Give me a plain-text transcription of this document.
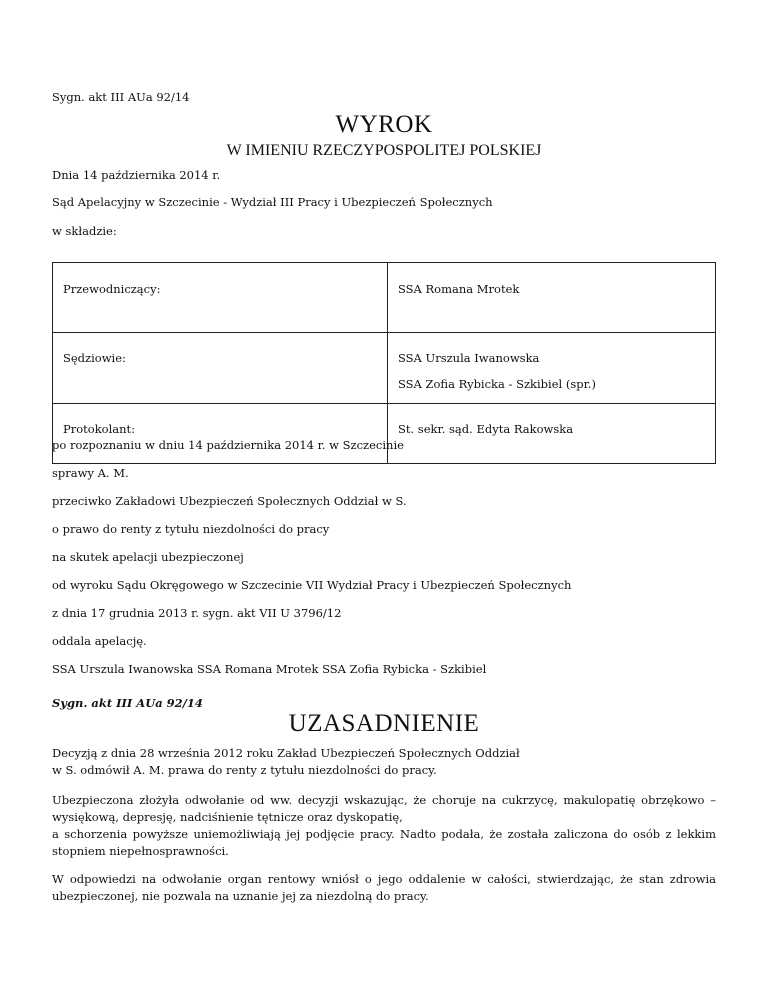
Sygn. akt III AUa 92/14

WYROK
W IMIENIU RZECZYPOSPOLITEJ POLSKIEJ

Dnia 14 października 2014 r.

Sąd Apelacyjny w Szczecinie - Wydział III Pracy i Ubezpieczeń Społecznych

w składzie:

Przewodniczący:	SSA Romana Mrotek
Sędziowie:	SSA Urszula Iwanowska
SSA Zofia Rybicka - Szkibiel (spr.)

Protokolant:	St. sekr. sąd. Edyta Rakowska

po rozpoznaniu w dniu 14 października 2014 r. w Szczecinie

sprawy A. M.

przeciwko Zakładowi Ubezpieczeń Społecznych Oddział w S.

o prawo do renty z tytułu niezdolności do pracy

na skutek apelacji ubezpieczonej

od wyroku Sądu Okręgowego w Szczecinie VII Wydział Pracy i Ubezpieczeń Społecznych

z dnia 17 grudnia 2013 r. sygn. akt VII U 3796/12

oddala apelację.

SSA Urszula Iwanowska SSA Romana Mrotek SSA Zofia Rybicka - Szkibiel

Sygn. akt III AUa 92/14

UZASADNIENIE
Decyzją z dnia 28 września 2012 roku Zakład Ubezpieczeń Społecznych Oddział
w S. odmówił A. M. prawa do renty z tytułu niezdolności do pracy.
Ubezpieczona złożyła odwołanie od ww. decyzji wskazując, że choruje na cukrzycę, makulopatię obrzękowo – wysiękową, depresję, nadciśnienie tętnicze oraz dyskopatię,
a schorzenia powyższe uniemożliwiają jej podjęcie pracy. Nadto podała, że została zaliczona do osób z lekkim stopniem niepełnosprawności.

W odpowiedzi na odwołanie organ rentowy wniósł o jego oddalenie w całości, stwierdzając, że stan zdrowia ubezpieczonej, nie pozwala na uznanie jej za niezdolną do pracy.
